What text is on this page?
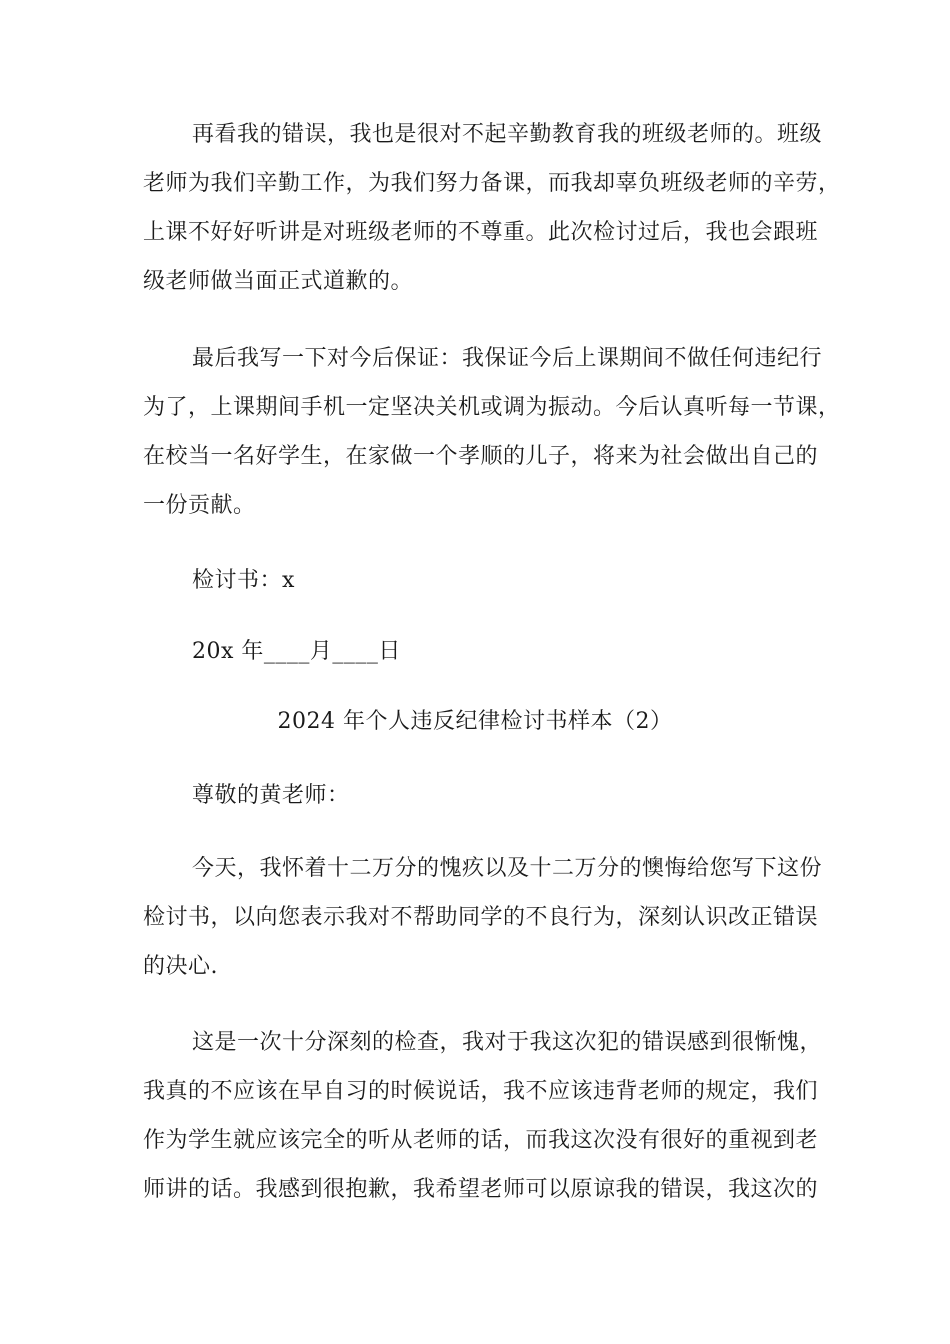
再看我的错误，我也是很对不起辛勤教育我的班级老师的。班级
老师为我们辛勤工作，为我们努力备课，而我却辜负班级老师的辛劳，
上课不好好听讲是对班级老师的不尊重。此次检讨过后，我也会跟班
级老师做当面正式道歉的。
最后我写一下对今后保证：我保证今后上课期间不做任何违纪行
为了，上课期间手机一定坚决关机或调为振动。今后认真听每一节课，
在校当一名好学生，在家做一个孝顺的儿子，将来为社会做出自己的
一份贡献。
检讨书：x
20x 年____月____日
2024 年个人违反纪律检讨书样本（2）
尊敬的黄老师：
今天，我怀着十二万分的愧疚以及十二万分的懊悔给您写下这份
检讨书，以向您表示我对不帮助同学的不良行为，深刻认识改正错误
的决心.
这是一次十分深刻的检查，我对于我这次犯的错误感到很惭愧，
我真的不应该在早自习的时候说话，我不应该违背老师的规定，我们
作为学生就应该完全的听从老师的话，而我这次没有很好的重视到老
师讲的话。我感到很抱歉，我希望老师可以原谅我的错误，我这次的
